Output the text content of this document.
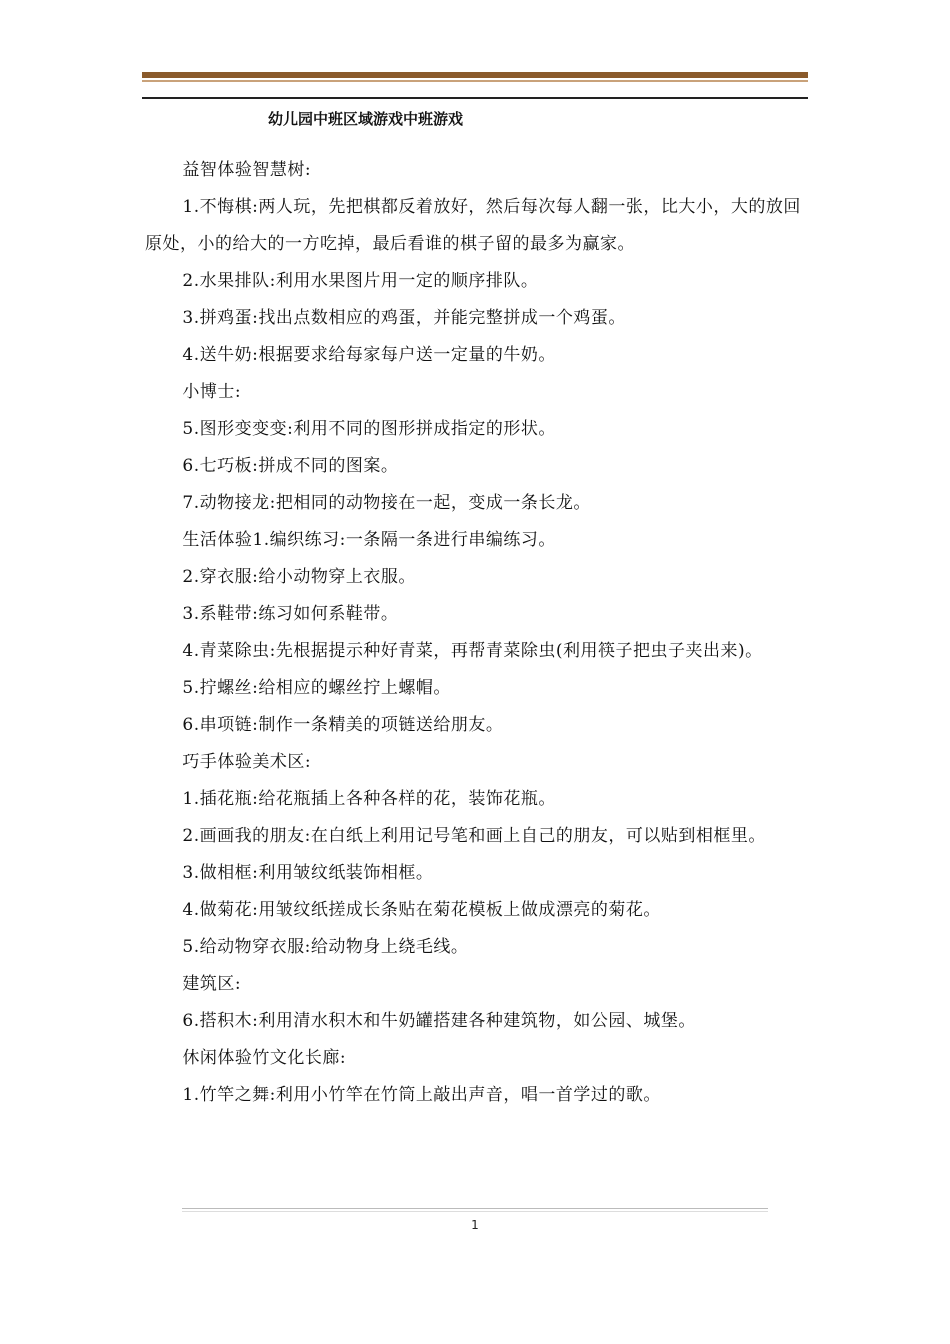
幼儿园中班区域游戏中班游戏

益智体验智慧树:

1.不悔棋:两人玩，先把棋都反着放好，然后每次每人翻一张，比大小，大的放回原处，小的给大的一方吃掉，最后看谁的棋子留的最多为赢家。

2.水果排队:利用水果图片用一定的顺序排队。

3.拼鸡蛋:找出点数相应的鸡蛋，并能完整拼成一个鸡蛋。

4.送牛奶:根据要求给每家每户送一定量的牛奶。

小博士:

5.图形变变变:利用不同的图形拼成指定的形状。

6.七巧板:拼成不同的图案。

7.动物接龙:把相同的动物接在一起，变成一条长龙。

生活体验1.编织练习:一条隔一条进行串编练习。

2.穿衣服:给小动物穿上衣服。

3.系鞋带:练习如何系鞋带。

4.青菜除虫:先根据提示种好青菜，再帮青菜除虫(利用筷子把虫子夹出来)。

5.拧螺丝:给相应的螺丝拧上螺帽。

6.串项链:制作一条精美的项链送给朋友。

巧手体验美术区:

1.插花瓶:给花瓶插上各种各样的花，装饰花瓶。

2.画画我的朋友:在白纸上利用记号笔和画上自己的朋友，可以贴到相框里。

3.做相框:利用皱纹纸装饰相框。

4.做菊花:用皱纹纸搓成长条贴在菊花模板上做成漂亮的菊花。

5.给动物穿衣服:给动物身上绕毛线。

建筑区:

6.搭积木:利用清水积木和牛奶罐搭建各种建筑物，如公园、城堡。

休闲体验竹文化长廊:

1.竹竿之舞:利用小竹竿在竹筒上敲出声音，唱一首学过的歌。

1
